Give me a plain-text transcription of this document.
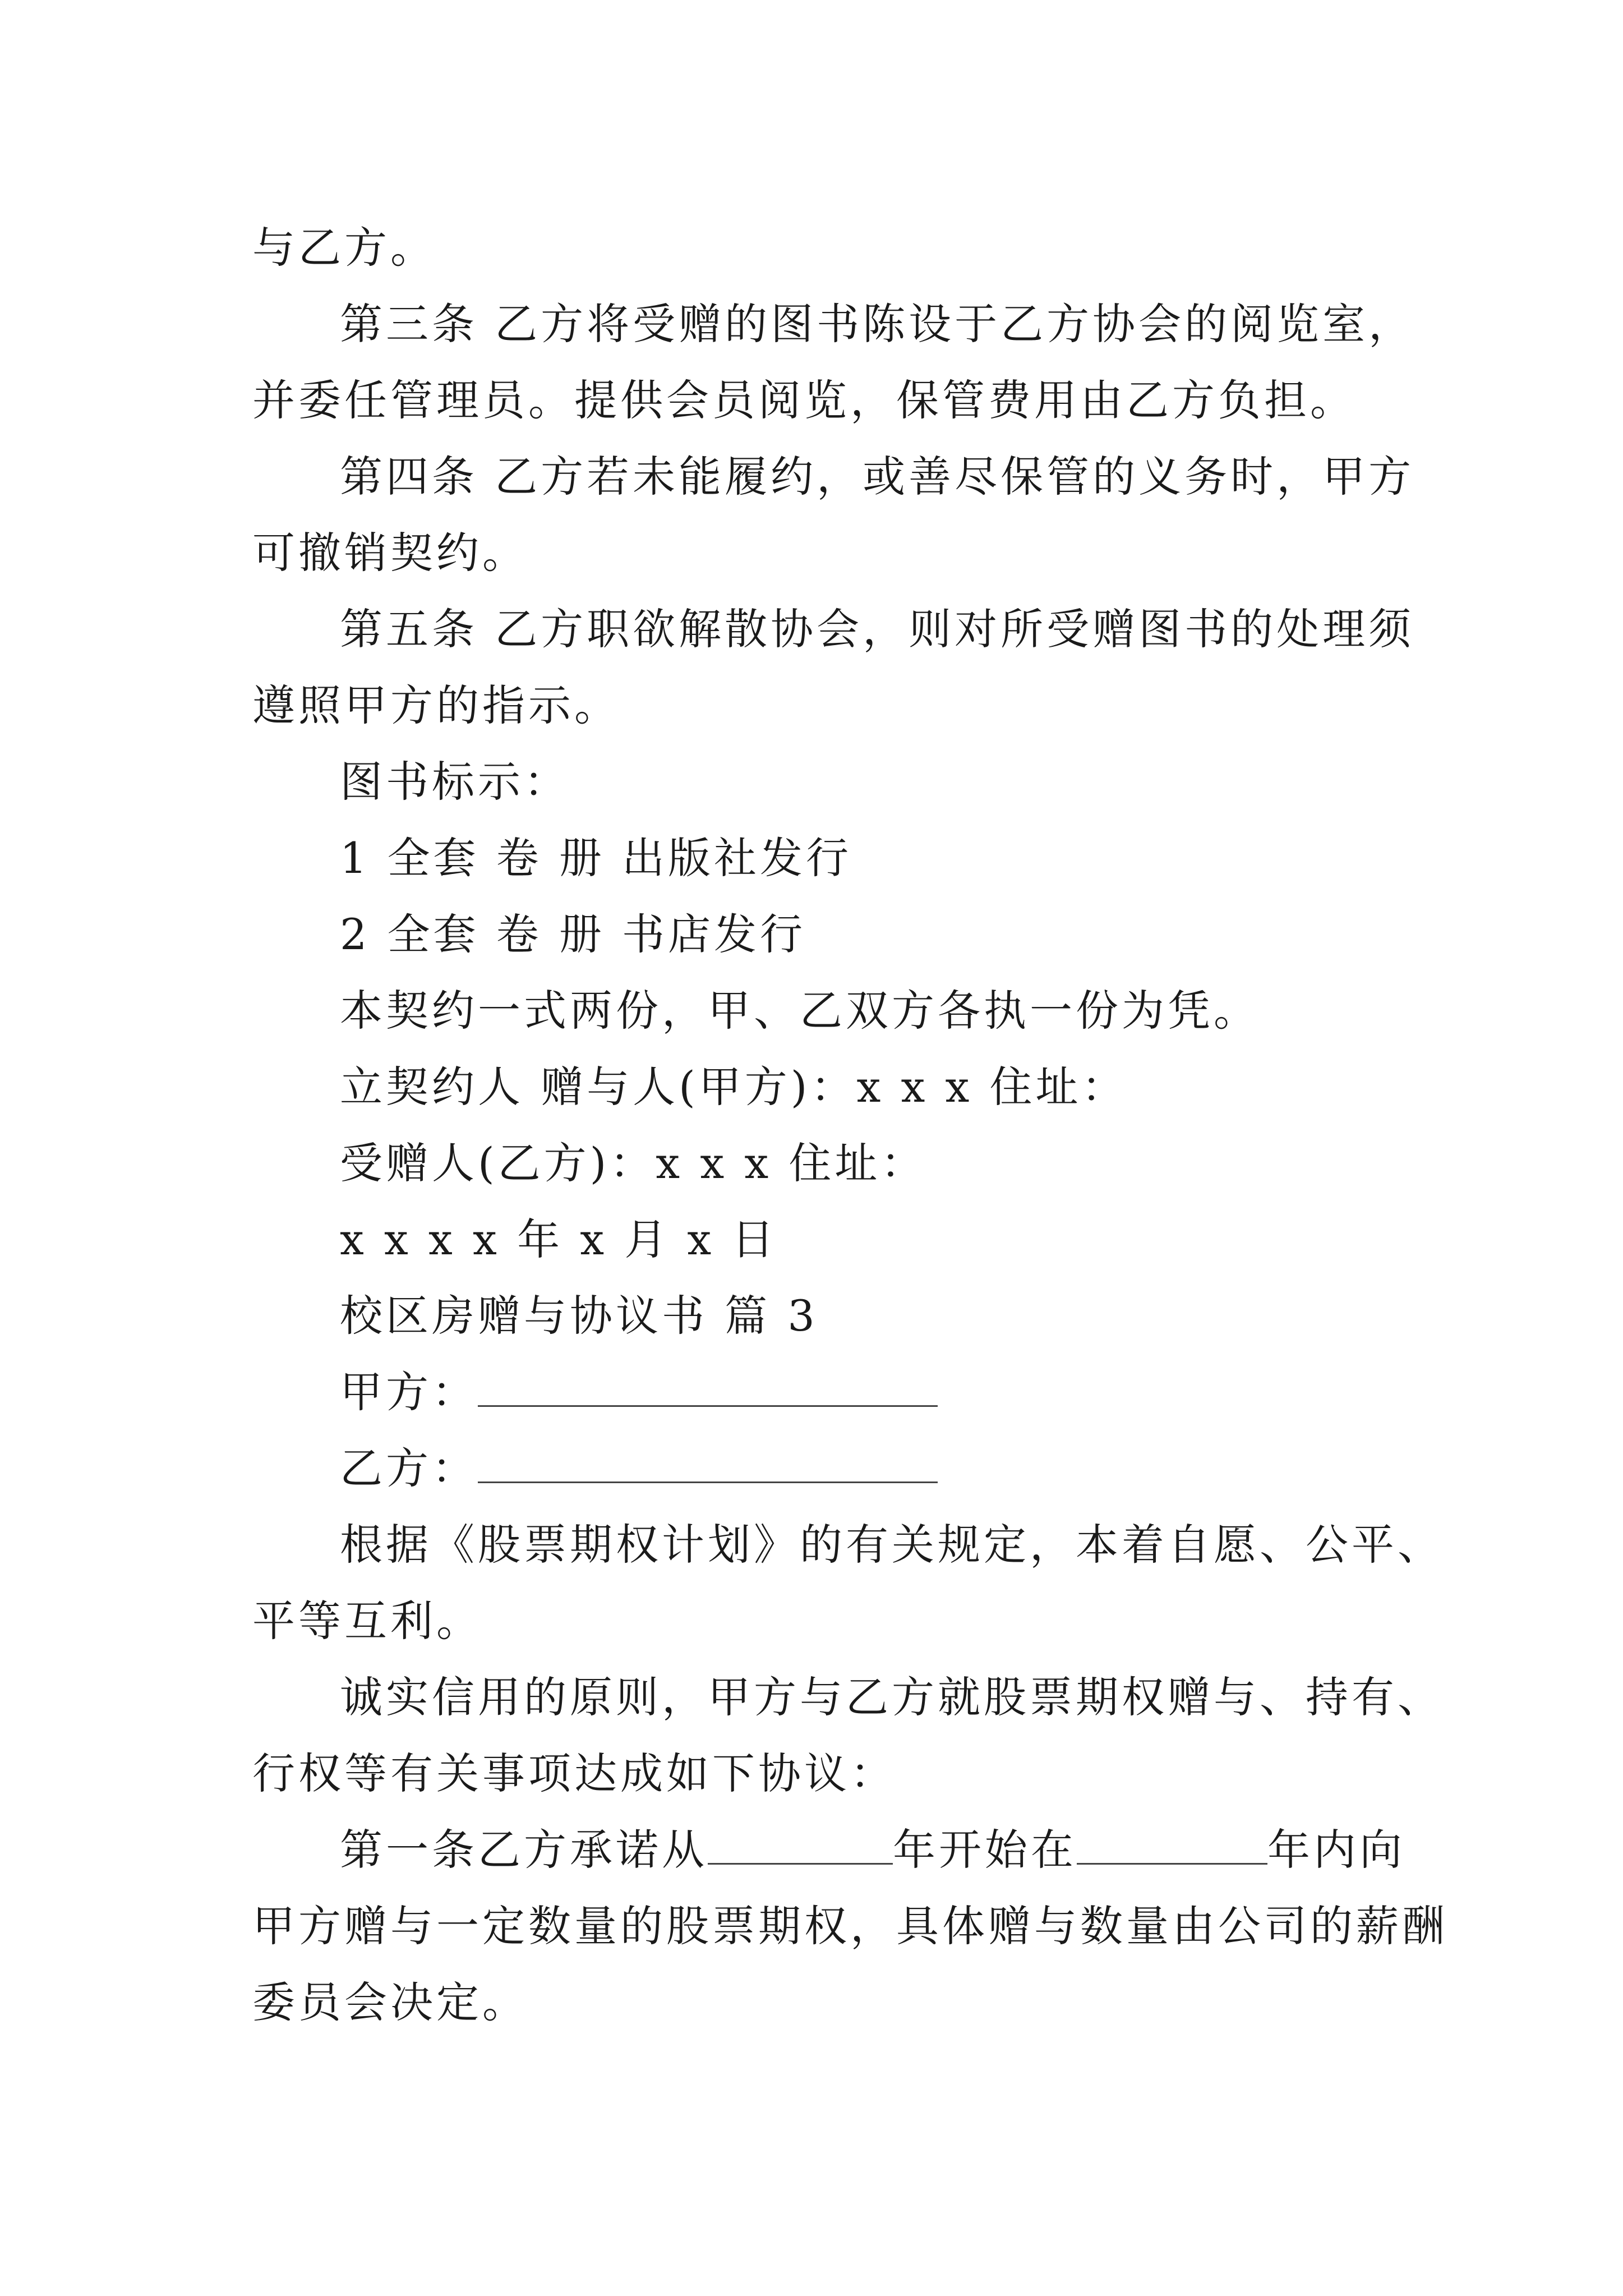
与乙方。
第三条 乙方将受赠的图书陈设于乙方协会的阅览室，
并委任管理员。提供会员阅览，保管费用由乙方负担。
第四条 乙方若未能履约，或善尽保管的义务时，甲方
可撤销契约。
第五条 乙方职欲解散协会，则对所受赠图书的处理须
遵照甲方的指示。
图书标示：
1 全套 卷 册 出版社发行
2 全套 卷 册 书店发行
本契约一式两份，甲、乙双方各执一份为凭。
立契约人 赠与人(甲方)：x x x 住址：
受赠人(乙方)：x x x 住址：
x x x x 年 x 月 x 日
校区房赠与协议书 篇 3
甲方：
乙方：
根据《股票期权计划》的有关规定，本着自愿、公平、
平等互利。
诚实信用的原则，甲方与乙方就股票期权赠与、持有、
行权等有关事项达成如下协议：
第一条乙方承诺从	年开始在	年内向
甲方赠与一定数量的股票期权，具体赠与数量由公司的薪酬
委员会决定。
